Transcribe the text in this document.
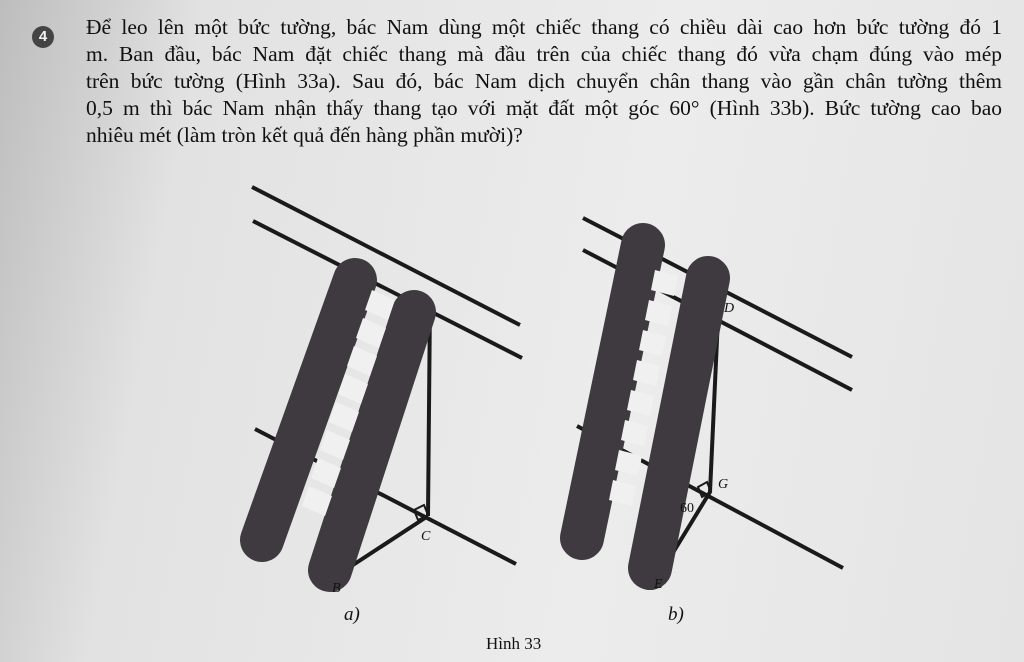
4	Để leo lên một bức tường, bác Nam dùng một chiếc thang có chiều dài cao hơn bức tường đó 1

m. Ban đầu, bác Nam đặt chiếc thang mà đầu trên của chiếc thang đó vừa chạm đúng vào mép

trên bức tường (Hình 33a). Sau đó, bác Nam dịch chuyển chân thang vào gần chân tường thêm

0,5 m thì bác Nam nhận thấy thang tạo với mặt đất một góc 60° (Hình 33b). Bức tường cao bao

nhiêu mét (làm tròn kết quả đến hàng phần mười)?

B
C
D
G
E
60
a)	b)
Hình 33
